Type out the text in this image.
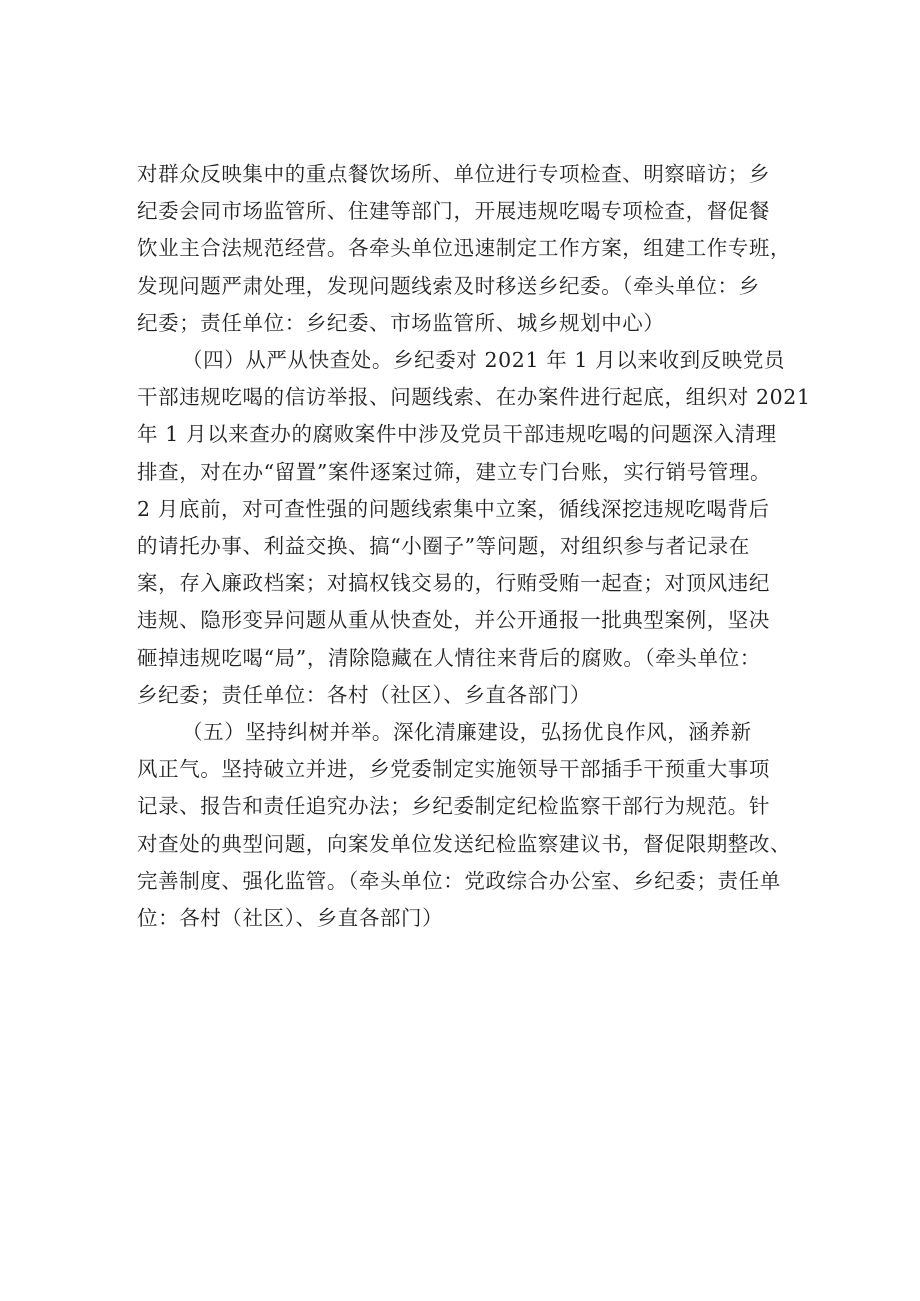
对群众反映集中的重点餐饮场所、单位进行专项检查、明察暗访；乡
纪委会同市场监管所、住建等部门，开展违规吃喝专项检查，督促餐
饮业主合法规范经营。各牵头单位迅速制定工作方案，组建工作专班，
发现问题严肃处理，发现问题线索及时移送乡纪委。（牵头单位：乡
纪委；责任单位：乡纪委、市场监管所、城乡规划中心）

（四）从严从快查处。乡纪委对 2021 年 1 月以来收到反映党员
干部违规吃喝的信访举报、问题线索、在办案件进行起底，组织对 2021
年 1 月以来查办的腐败案件中涉及党员干部违规吃喝的问题深入清理
排查，对在办“留置”案件逐案过筛，建立专门台账，实行销号管理。
2 月底前，对可查性强的问题线索集中立案，循线深挖违规吃喝背后
的请托办事、利益交换、搞“小圈子”等问题，对组织参与者记录在
案，存入廉政档案；对搞权钱交易的，行贿受贿一起查；对顶风违纪
违规、隐形变异问题从重从快查处，并公开通报一批典型案例，坚决
砸掉违规吃喝“局”，清除隐藏在人情往来背后的腐败。（牵头单位：
乡纪委；责任单位：各村（社区）、乡直各部门）

（五）坚持纠树并举。深化清廉建设，弘扬优良作风，涵养新
风正气。坚持破立并进，乡党委制定实施领导干部插手干预重大事项
记录、报告和责任追究办法；乡纪委制定纪检监察干部行为规范。针
对查处的典型问题，向案发单位发送纪检监察建议书，督促限期整改、
完善制度、强化监管。（牵头单位：党政综合办公室、乡纪委；责任单
位：各村（社区）、乡直各部门）
